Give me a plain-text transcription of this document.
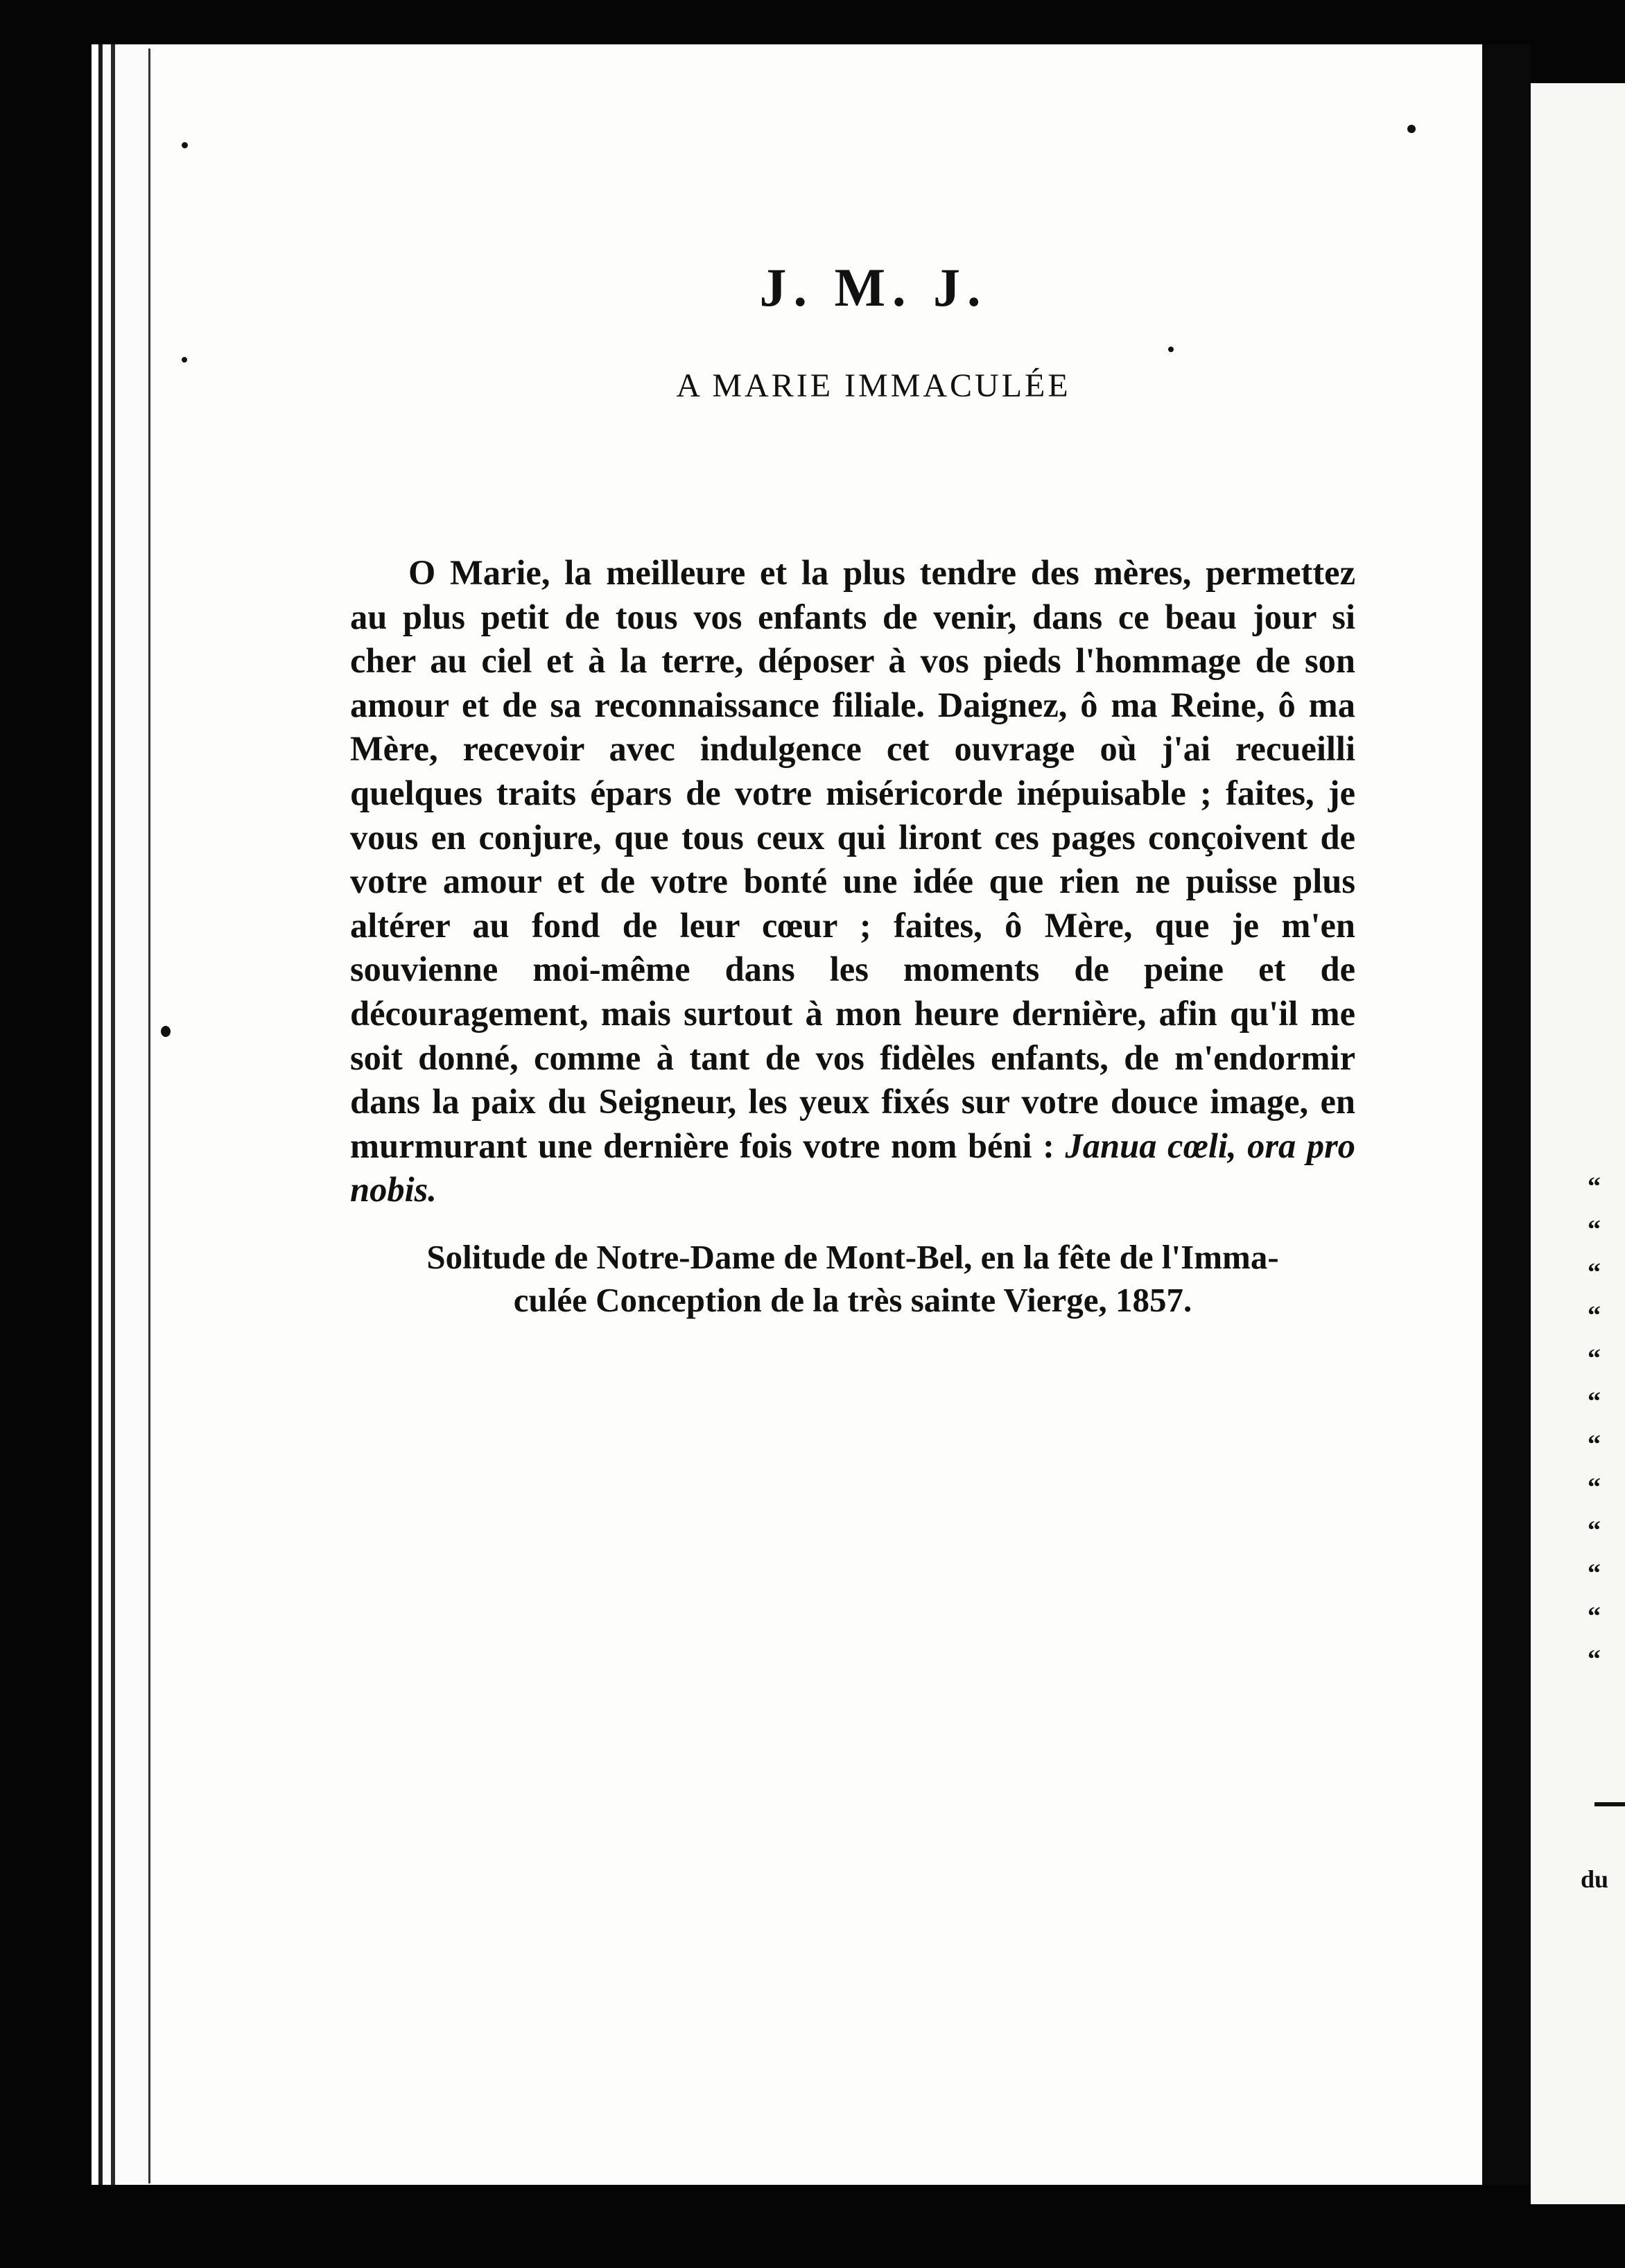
“
“
“
“
“
“
“
“
“
“
“
“
du
J. M. J.
A MARIE IMMACULÉE
O Marie, la meilleure et la plus tendre des mères, permettez au plus petit de tous vos enfants de venir, dans ce beau jour si cher au ciel et à la terre, déposer à vos pieds l'hommage de son amour et de sa reconnaissance filiale. Daignez, ô ma Reine, ô ma Mère, recevoir avec indulgence cet ouvrage où j'ai recueilli quelques traits épars de votre miséricorde inépuisable ; faites, je vous en conjure, que tous ceux qui liront ces pages conçoivent de votre amour et de votre bonté une idée que rien ne puisse plus altérer au fond de leur cœur ; faites, ô Mère, que je m'en souvienne moi-même dans les moments de peine et de découragement, mais surtout à mon heure dernière, afin qu'il me soit donné, comme à tant de vos fidèles enfants, de m'endormir dans la paix du Seigneur, les yeux fixés sur votre douce image, en murmurant une dernière fois votre nom béni : Janua cœli, ora pro nobis.
Solitude de Notre-Dame de Mont-Bel, en la fête de l'Imma-
culée Conception de la très sainte Vierge, 1857.
